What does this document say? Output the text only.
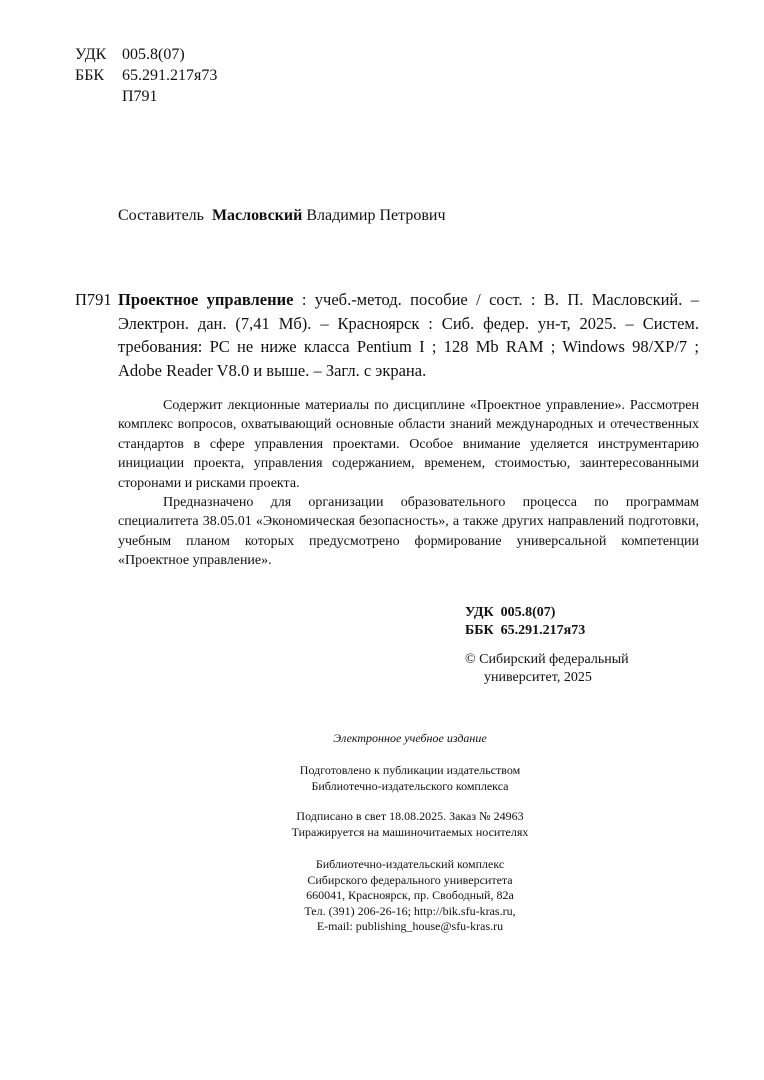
УДК 005.8(07)
ББК 65.291.217я73
П791
Составитель Масловский Владимир Петрович
П791 Проектное управление : учеб.-метод. пособие / сост. : В. П. Масловский. – Электрон. дан. (7,41 Мб). – Красноярск : Сиб. федер. ун-т, 2025. – Систем. требования: PC не ниже класса Pentium I ; 128 Mb RAM ; Windows 98/XP/7 ; Adobe Reader V8.0 и выше. – Загл. с экрана.

Содержит лекционные материалы по дисциплине «Проектное управление». Рассмотрен комплекс вопросов, охватывающий основные области знаний международных и отечественных стандартов в сфере управления проектами. Особое внимание уделяется инструментарию инициации проекта, управления содержанием, временем, стоимостью, заинтересованными сторонами и рисками проекта.

Предназначено для организации образовательного процесса по программам специалитета 38.05.01 «Экономическая безопасность», а также других направлений подготовки, учебным планом которых предусмотрено формирование универсальной компетенции «Проектное управление».

УДК  005.8(07)
ББК  65.291.217я73
© Сибирский федеральный
университет, 2025
Электронное учебное издание
Подготовлено к публикации издательством
Библиотечно-издательского комплекса
Подписано в свет 18.08.2025. Заказ № 24963
Тиражируется на машиночитаемых носителях
Библиотечно-издательский комплекс
Сибирского федерального университета
660041, Красноярск, пр. Свободный, 82а
Тел. (391) 206-26-16; http://bik.sfu-kras.ru,
E-mail: publishing_house@sfu-kras.ru
